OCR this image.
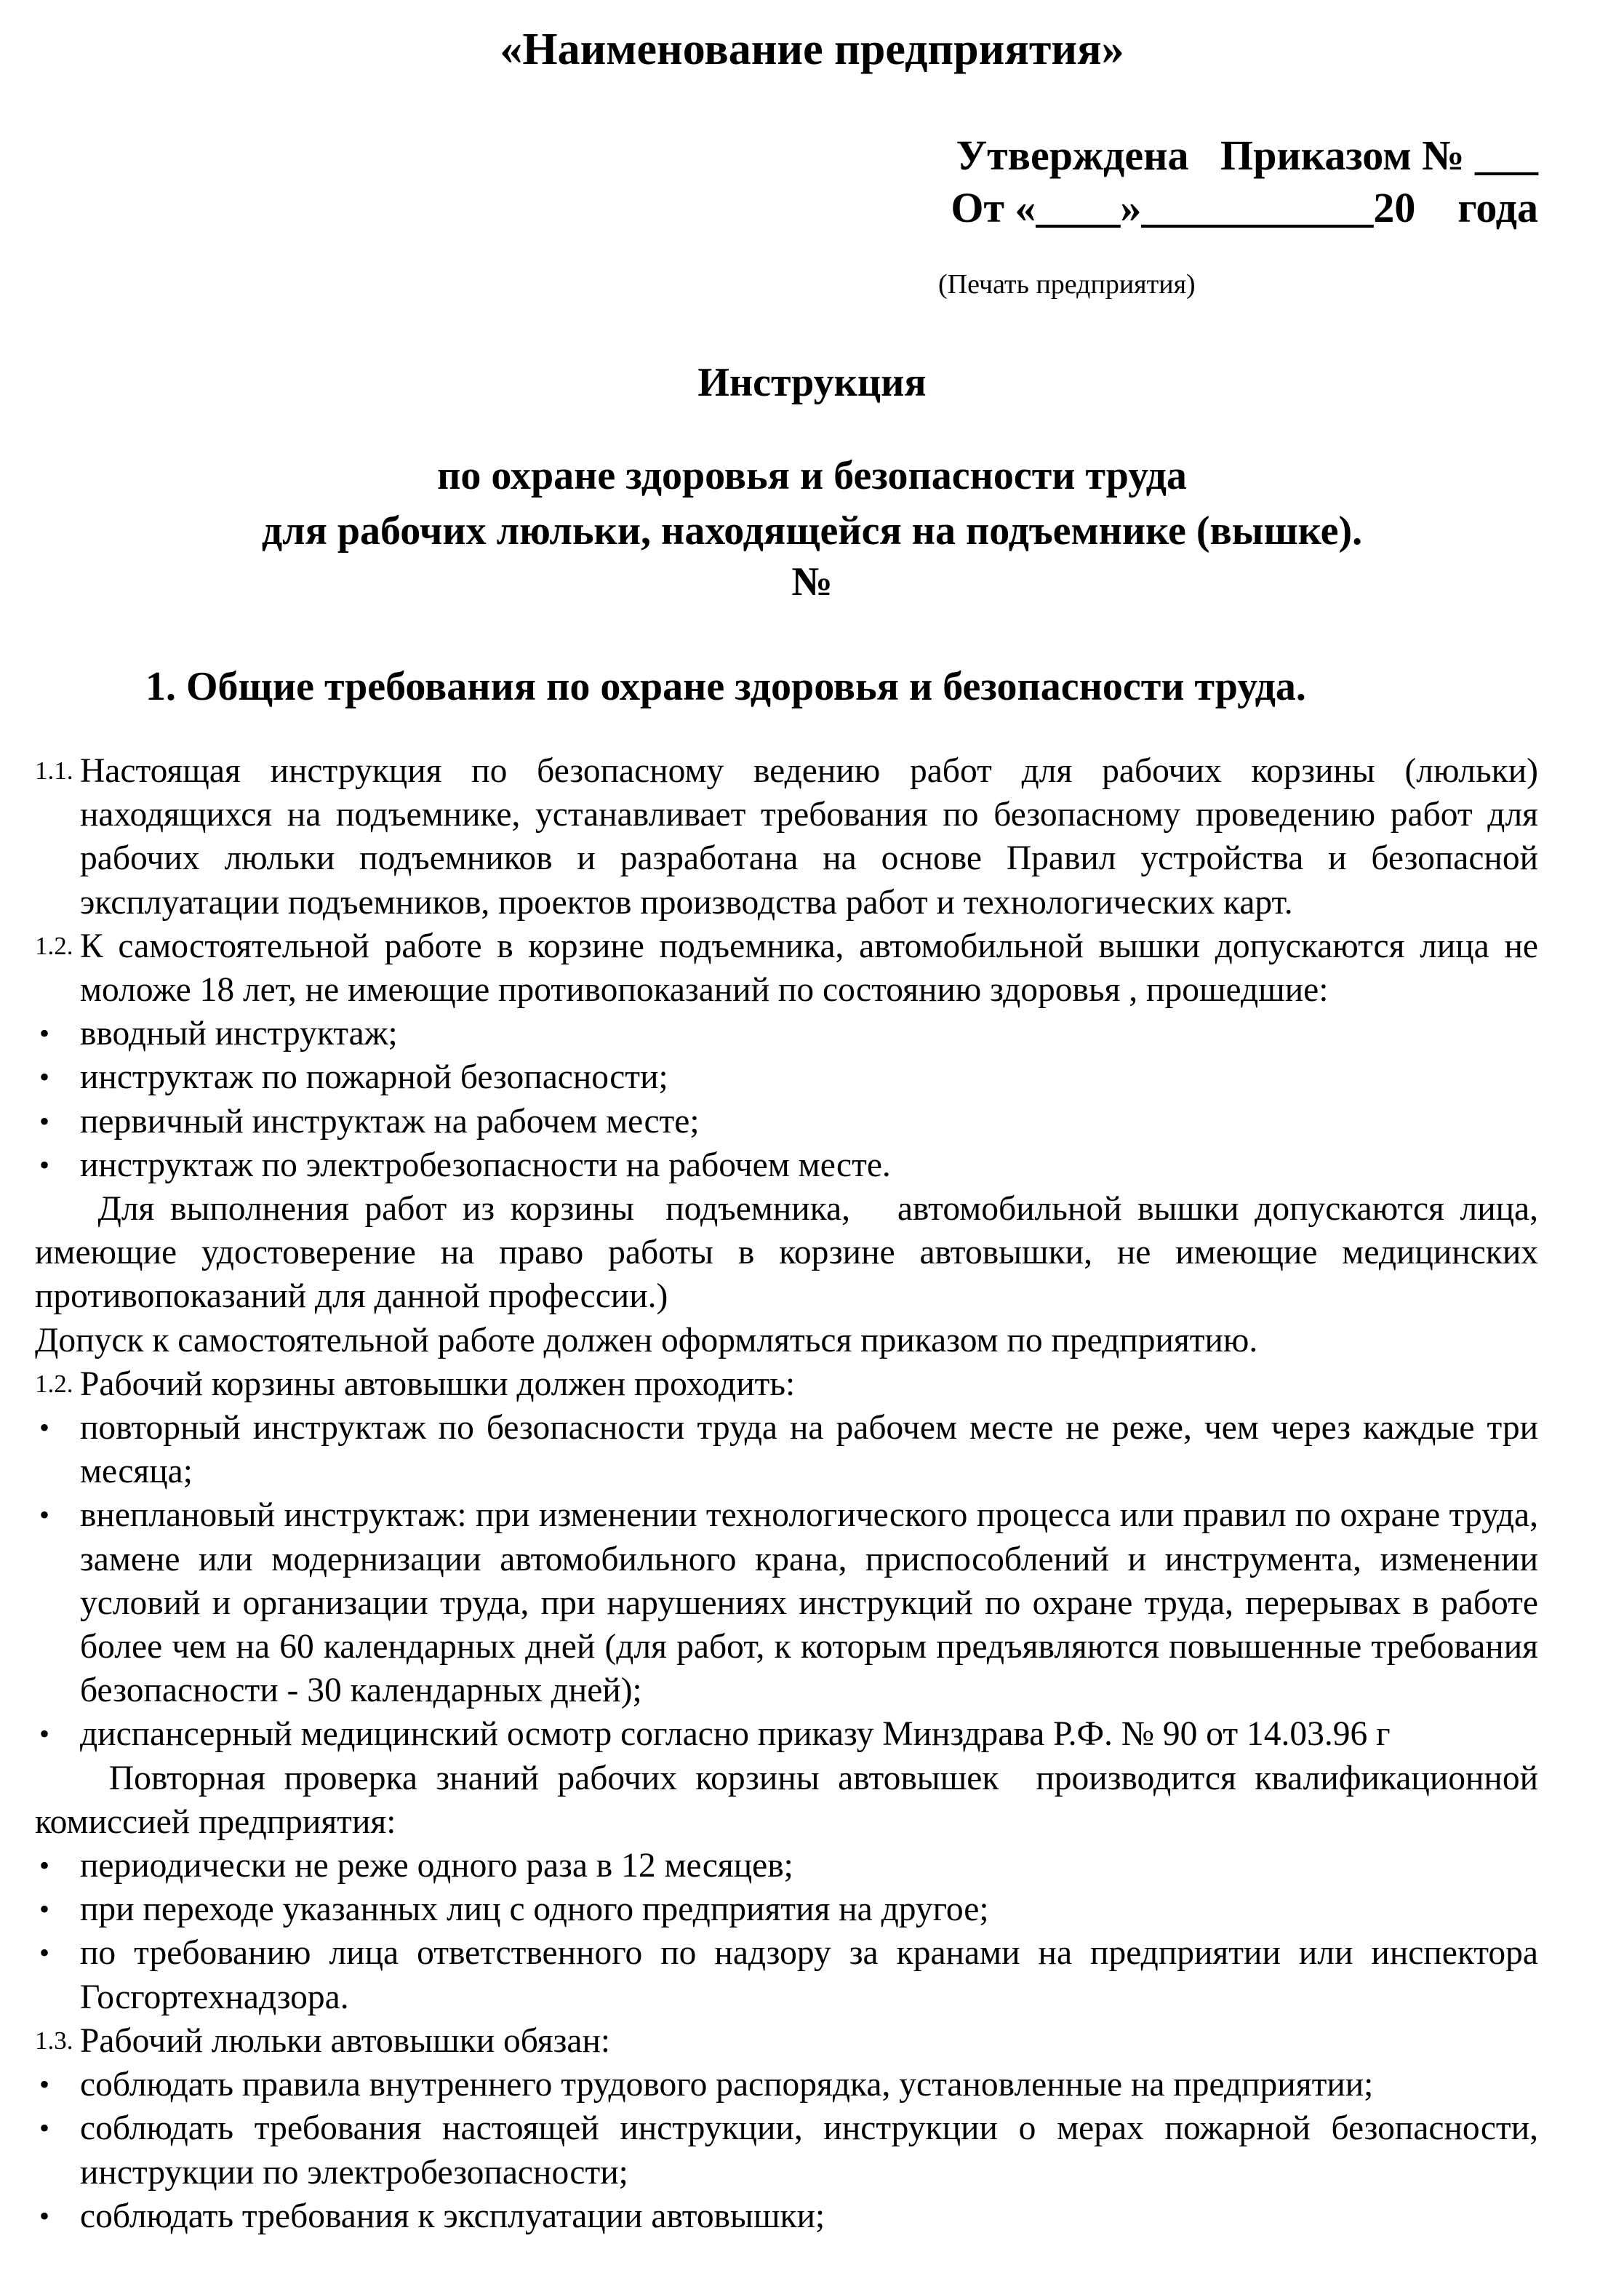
«Наименование предприятия»
Утверждена   Приказом № ___
От «____»___________20    года
(Печать предприятия)
Инструкция
по охране здоровья и безопасности труда
для рабочих люльки, находящейся на подъемнике (вышке).
№
1. Общие требования по охране здоровья и безопасности труда.
1.1. Настоящая инструкция по безопасному ведению работ для рабочих корзины (люльки) находящихся на подъемнике, устанавливает требования по безопасному проведению работ для рабочих люльки подъемников и разработана на основе Правил устройства и безопасной эксплуатации подъемников, проектов производства работ и технологических карт.
1.2. К самостоятельной работе в корзине подъемника, автомобильной вышки допускаются лица не моложе 18 лет, не имеющие противопоказаний по состоянию здоровья , прошедшие:
• вводный инструктаж;
• инструктаж по пожарной безопасности;
• первичный инструктаж на рабочем месте;
• инструктаж по электробезопасности на рабочем месте.
Для выполнения работ из корзины  подъемника,   автомобильной вышки допускаются лица, имеющие удостоверение на право работы в корзине автовышки, не имеющие медицинских противопоказаний для данной профессии.)
Допуск к самостоятельной работе должен оформляться приказом по предприятию.
1.2. Рабочий корзины автовышки должен проходить:
• повторный инструктаж по безопасности труда на рабочем месте не реже, чем через каждые три месяца;
• внеплановый инструктаж: при изменении технологического процесса или правил по охране труда, замене или модернизации автомобильного крана, приспособлений и инструмента, изменении условий и организации труда, при нарушениях инструкций по охране труда, перерывах в работе более чем на 60 календарных дней (для работ, к которым предъявляются повышенные требования безопасности - 30 календарных дней);
• диспансерный медицинский осмотр согласно приказу Минздрава Р.Ф. № 90 от 14.03.96 г
Повторная проверка знаний рабочих корзины автовышек  производится квалификационной комиссией предприятия:
• периодически не реже одного раза в 12 месяцев;
• при переходе указанных лиц с одного предприятия на другое;
• по требованию лица ответственного по надзору за кранами на предприятии или инспектора Госгортехнадзора.
1.3. Рабочий люльки автовышки обязан:
• соблюдать правила внутреннего трудового распорядка, установленные на предприятии;
• соблюдать требования настоящей инструкции, инструкции о мерах пожарной безопасности, инструкции по электробезопасности;
• соблюдать требования к эксплуатации автовышки;
